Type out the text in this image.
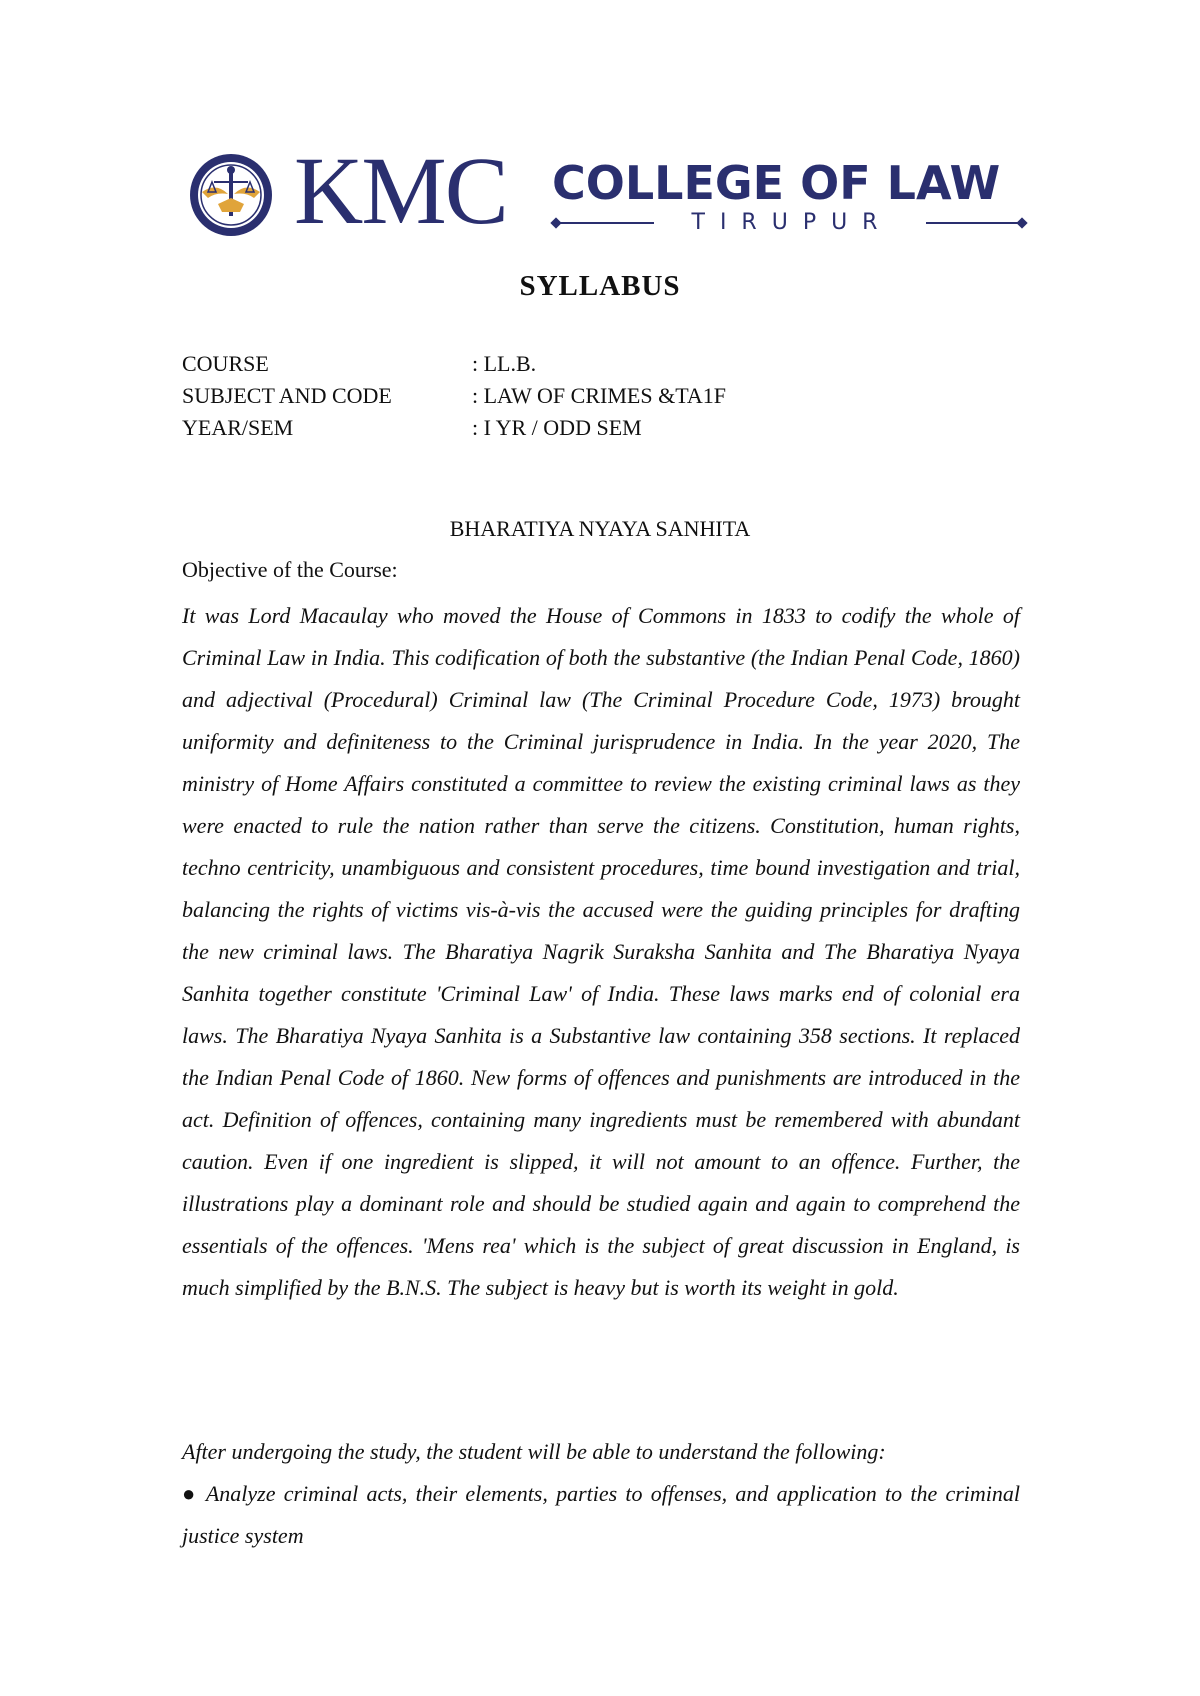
KMC COLLEGE OF LAW
TIRUPUR
SYLLABUS
COURSE	: LL.B.
SUBJECT AND CODE	: LAW OF CRIMES &TA1F
YEAR/SEM	: I YR / ODD SEM
BHARATIYA NYAYA SANHITA
Objective of the Course:

It was Lord Macaulay who moved the House of Commons in 1833 to codify the whole of Criminal Law in India. This codification of both the substantive (the Indian Penal Code, 1860) and adjectival (Procedural) Criminal law (The Criminal Procedure Code, 1973) brought uniformity and definiteness to the Criminal jurisprudence in India. In the year 2020, The ministry of Home Affairs constituted a committee to review the existing criminal laws as they were enacted to rule the nation rather than serve the citizens. Constitution, human rights, techno centricity, unambiguous and consistent procedures, time bound investigation and trial, balancing the rights of victims vis-à-vis the accused were the guiding principles for drafting the new criminal laws. The Bharatiya Nagrik Suraksha Sanhita and The Bharatiya Nyaya Sanhita together constitute 'Criminal Law' of India. These laws marks end of colonial era laws. The Bharatiya Nyaya Sanhita is a Substantive law containing 358 sections. It replaced the Indian Penal Code of 1860. New forms of offences and punishments are introduced in the act. Definition of offences, containing many ingredients must be remembered with abundant caution. Even if one ingredient is slipped, it will not amount to an offence. Further, the illustrations play a dominant role and should be studied again and again to comprehend the essentials of the offences. 'Mens rea' which is the subject of great discussion in England, is much simplified by the B.N.S. The subject is heavy but is worth its weight in gold.

After undergoing the study, the student will be able to understand the following:

● Analyze criminal acts, their elements, parties to offenses, and application to the criminal justice system
